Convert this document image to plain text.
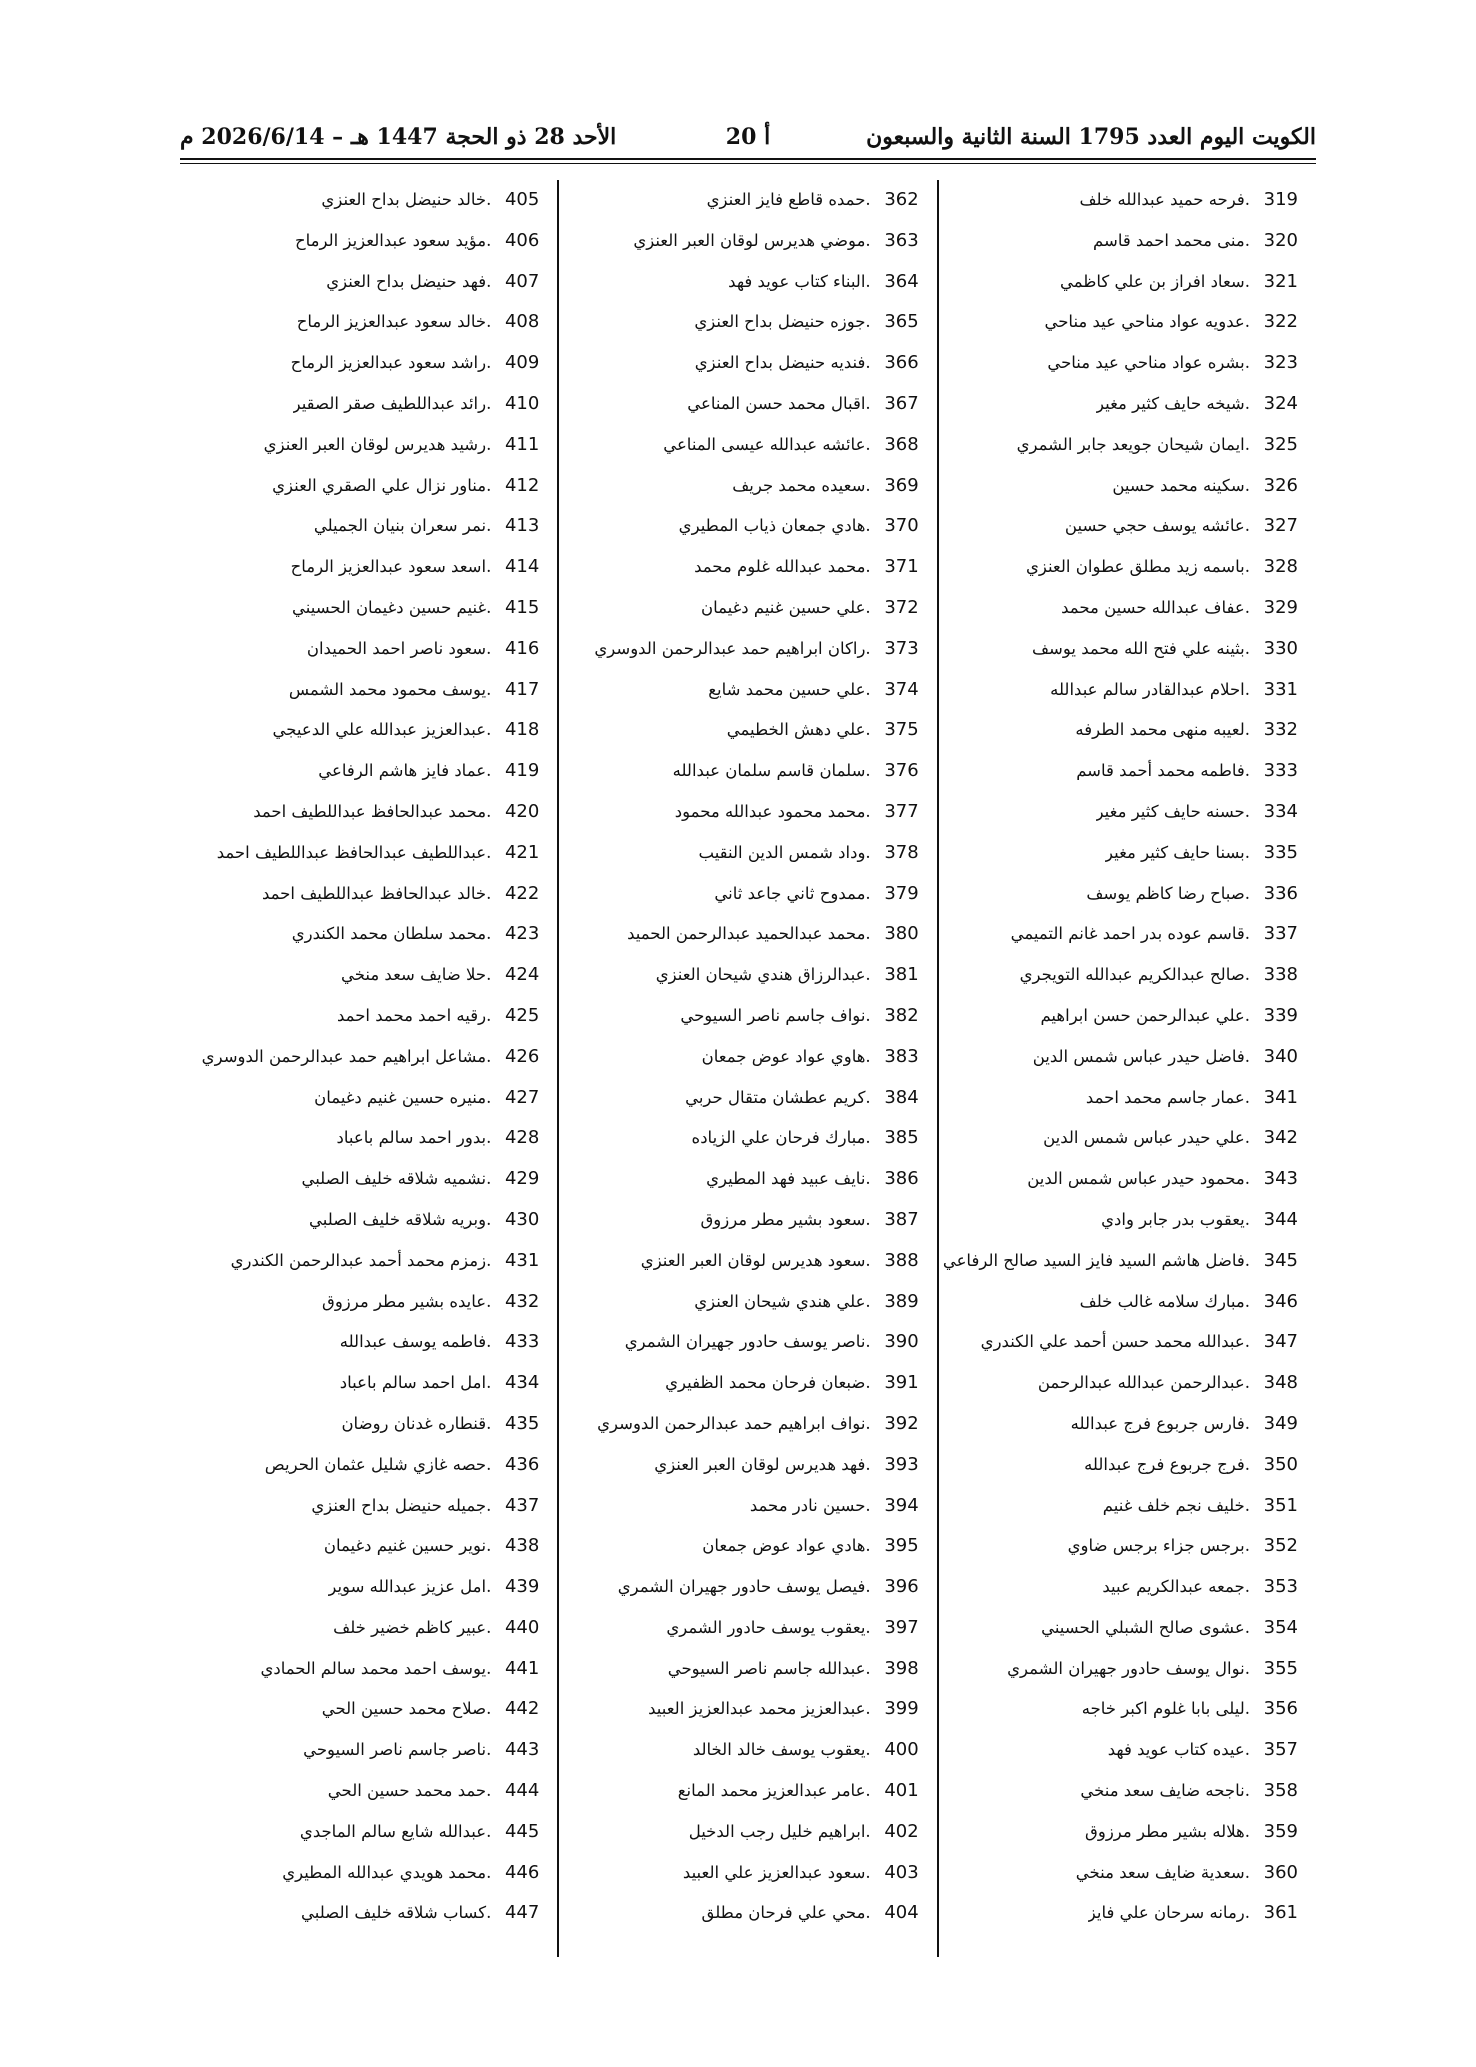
الكويت اليوم العدد 1795 السنة الثانية والسبعون
أ 20
الأحد 28 ذو الحجة 1447 هـ – 2026/6/14 م
319
.فرحه حميد عبدالله خلف
320
.منى محمد احمد قاسم
321
.سعاد افراز بن علي كاظمي
322
.عدويه عواد مناحي عيد مناحي
323
.بشره عواد مناحي عيد مناحي
324
.شيخه حايف كثير مغير
325
.ايمان شيحان جويعد جابر الشمري
326
.سكينه محمد حسين
327
.عائشه يوسف حجي حسين
328
.باسمه زيد مطلق عطوان العنزي
329
.عفاف عبدالله حسين محمد
330
.بثينه علي فتح الله محمد يوسف
331
.احلام عبدالقادر سالم عبدالله
332
.لعيبه منهى محمد الطرفه
333
.فاطمه محمد أحمد قاسم
334
.حسنه حايف كثير مغير
335
.بسنا حايف كثير مغير
336
.صباح رضا كاظم يوسف
337
.قاسم عوده بدر احمد غانم التميمي
338
.صالح عبدالكريم عبدالله التويجري
339
.علي عبدالرحمن حسن ابراهيم
340
.فاضل حيدر عباس شمس الدين
341
.عمار جاسم محمد احمد
342
.علي حيدر عباس شمس الدين
343
.محمود حيدر عباس شمس الدين
344
.يعقوب بدر جابر وادي
345
.فاضل هاشم السيد فايز السيد صالح الرفاعي
346
.مبارك سلامه غالب خلف
347
.عبدالله محمد حسن أحمد علي الكندري
348
.عبدالرحمن عبدالله عبدالرحمن
349
.فارس جربوع فرج عبدالله
350
.فرج جربوع فرج عبدالله
351
.خليف نجم خلف غنيم
352
.برجس جزاء برجس ضاوي
353
.جمعه عبدالكريم عبيد
354
.عشوى صالح الشبلي الحسيني
355
.نوال يوسف حادور جهيران الشمري
356
.ليلى بابا غلوم اكبر خاجه
357
.عيده كتاب عويد فهد
358
.ناجحه ضايف سعد منخي
359
.هلاله بشير مطر مرزوق
360
.سعدية ضايف سعد منخي
361
.رمانه سرحان علي فايز
362
.حمده قاطع فايز العنزي
363
.موضي هديرس لوقان العبر العنزي
364
.البناء كتاب عويد فهد
365
.جوزه حنيضل بداح العنزي
366
.فنديه حنيضل بداح العنزي
367
.اقبال محمد حسن المناعي
368
.عائشه عبدالله عيسى المناعي
369
.سعيده محمد جريف
370
.هادي جمعان ذياب المطيري
371
.محمد عبدالله غلوم محمد
372
.علي حسين غنيم دغيمان
373
.راكان ابراهيم حمد عبدالرحمن الدوسري
374
.علي حسين محمد شايع
375
.علي دهش الخطيمي
376
.سلمان قاسم سلمان عبدالله
377
.محمد محمود عبدالله محمود
378
.وداد شمس الدين النقيب
379
.ممدوح ثاني جاعد ثاني
380
.محمد عبدالحميد عبدالرحمن الحميد
381
.عبدالرزاق هندي شيحان العنزي
382
.نواف جاسم ناصر السيوحي
383
.هاوي عواد عوض جمعان
384
.كريم عطشان متقال حربي
385
.مبارك فرحان علي الزياده
386
.نايف عبيد فهد المطيري
387
.سعود بشير مطر مرزوق
388
.سعود هديرس لوقان العبر العنزي
389
.علي هندي شيحان العنزي
390
.ناصر يوسف حادور جهيران الشمري
391
.ضبعان فرحان محمد الظفيري
392
.نواف ابراهيم حمد عبدالرحمن الدوسري
393
.فهد هديرس لوقان العبر العنزي
394
.حسين نادر محمد
395
.هادي عواد عوض جمعان
396
.فيصل يوسف حادور جهيران الشمري
397
.يعقوب يوسف حادور الشمري
398
.عبدالله جاسم ناصر السيوحي
399
.عبدالعزيز محمد عبدالعزيز العبيد
400
.يعقوب يوسف خالد الخالد
401
.عامر عبدالعزيز محمد المانع
402
.ابراهيم خليل رجب الدخيل
403
.سعود عبدالعزيز علي العبيد
404
.محي علي فرحان مطلق
405
.خالد حنيضل بداح العنزي
406
.مؤيد سعود عبدالعزيز الرماح
407
.فهد حنيضل بداح العنزي
408
.خالد سعود عبدالعزيز الرماح
409
.راشد سعود عبدالعزيز الرماح
410
.رائد عبداللطيف صقر الصقير
411
.رشيد هديرس لوقان العبر العنزي
412
.مناور نزال علي الصقري العنزي
413
.نمر سعران بنيان الجميلي
414
.اسعد سعود عبدالعزيز الرماح
415
.غنيم حسين دغيمان الحسيني
416
.سعود ناصر احمد الحميدان
417
.يوسف محمود محمد الشمس
418
.عبدالعزيز عبدالله علي الدعيجي
419
.عماد فايز هاشم الرفاعي
420
.محمد عبدالحافظ عبداللطيف احمد
421
.عبداللطيف عبدالحافظ عبداللطيف احمد
422
.خالد عبدالحافظ عبداللطيف احمد
423
.محمد سلطان محمد الكندري
424
.حلا ضايف سعد منخي
425
.رقيه احمد محمد احمد
426
.مشاعل ابراهيم حمد عبدالرحمن الدوسري
427
.منيره حسين غنيم دغيمان
428
.بدور احمد سالم باعباد
429
.نشميه شلاقه خليف الصلبي
430
.وبريه شلاقه خليف الصلبي
431
.زمزم محمد أحمد عبدالرحمن الكندري
432
.عايده بشير مطر مرزوق
433
.فاطمه يوسف عبدالله
434
.امل احمد سالم باعباد
435
.قنطاره غدنان روضان
436
.حصه غازي شليل عثمان الحريص
437
.جميله حنيضل بداح العنزي
438
.نوير حسين غنيم دغيمان
439
.امل عزيز عبدالله سوير
440
.عبير كاظم خضير خلف
441
.يوسف احمد محمد سالم الحمادي
442
.صلاح محمد حسين الحي
443
.ناصر جاسم ناصر السيوحي
444
.حمد محمد حسين الحي
445
.عبدالله شايع سالم الماجدي
446
.محمد هويدي عبدالله المطيري
447
.كساب شلاقه خليف الصلبي
